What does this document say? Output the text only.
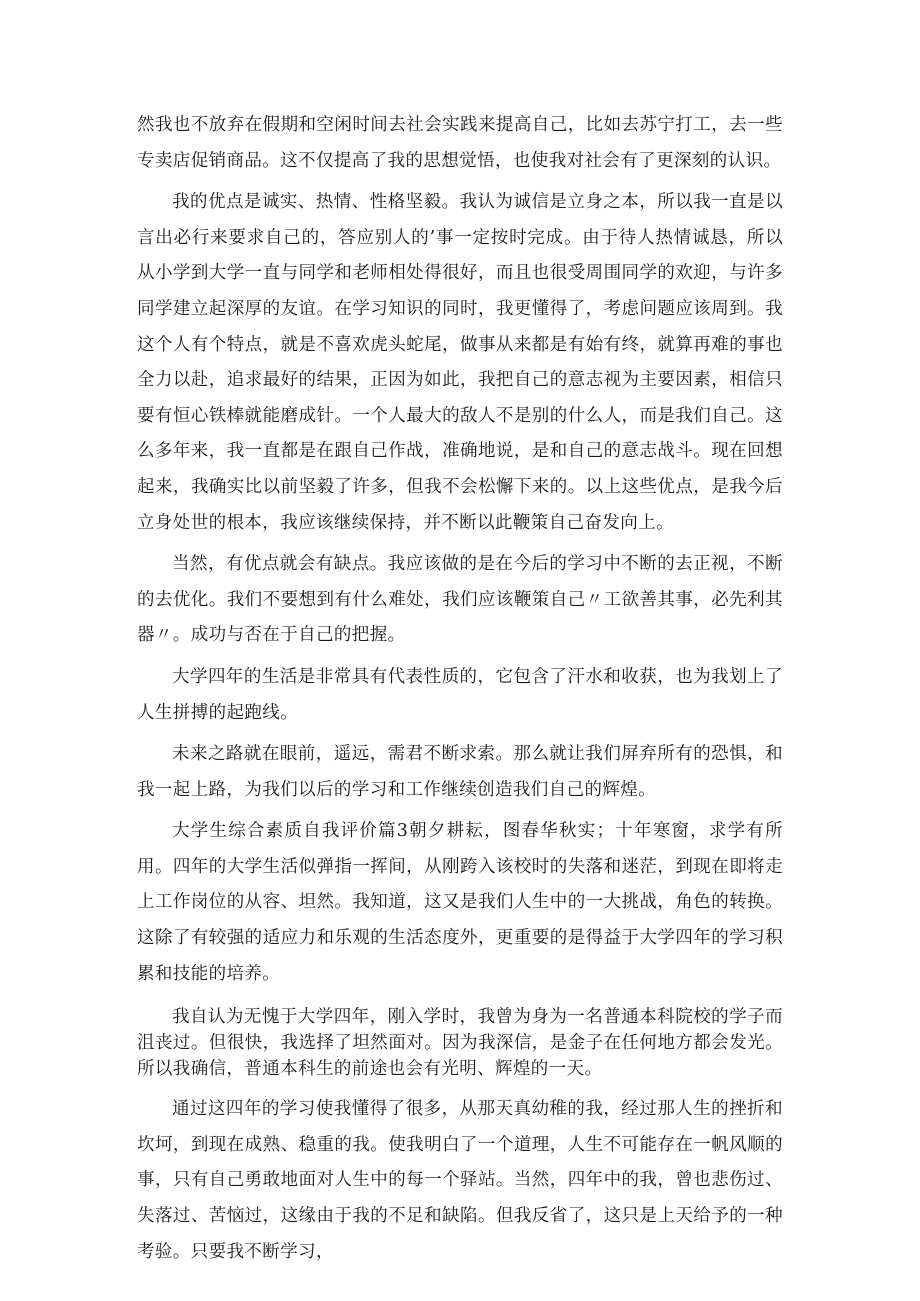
然我也不放弃在假期和空闲时间去社会实践来提高自己，比如去苏宁打工，去一些专卖店促销商品。这不仅提高了我的思想觉悟，也使我对社会有了更深刻的认识。

我的优点是诚实、热情、性格坚毅。我认为诚信是立身之本，所以我一直是以言出必行来要求自己的，答应别人的’事一定按时完成。由于待人热情诚恳，所以从小学到大学一直与同学和老师相处得很好，而且也很受周围同学的欢迎，与许多同学建立起深厚的友谊。在学习知识的同时，我更懂得了，考虑问题应该周到。我这个人有个特点，就是不喜欢虎头蛇尾，做事从来都是有始有终，就算再难的事也全力以赴，追求最好的结果，正因为如此，我把自己的意志视为主要因素，相信只要有恒心铁棒就能磨成针。一个人最大的敌人不是别的什么人，而是我们自己。这么多年来，我一直都是在跟自己作战，准确地说，是和自己的意志战斗。现在回想起来，我确实比以前坚毅了许多，但我不会松懈下来的。以上这些优点，是我今后立身处世的根本，我应该继续保持，并不断以此鞭策自己奋发向上。

当然，有优点就会有缺点。我应该做的是在今后的学习中不断的去正视，不断的去优化。我们不要想到有什么难处，我们应该鞭策自己〃工欲善其事，必先利其器〃。成功与否在于自己的把握。

大学四年的生活是非常具有代表性质的，它包含了汗水和收获，也为我划上了人生拼搏的起跑线。

未来之路就在眼前，遥远，需君不断求索。那么就让我们屏弃所有的恐惧，和我一起上路，为我们以后的学习和工作继续创造我们自己的辉煌。

大学生综合素质自我评价篇3朝夕耕耘，图春华秋实；十年寒窗，求学有所用。四年的大学生活似弹指一挥间，从刚跨入该校时的失落和迷茫，到现在即将走上工作岗位的从容、坦然。我知道，这又是我们人生中的一大挑战，角色的转换。这除了有较强的适应力和乐观的生活态度外，更重要的是得益于大学四年的学习积累和技能的培养。

我自认为无愧于大学四年，刚入学时，我曾为身为一名普通本科院校的学子而沮丧过。但很快，我选择了坦然面对。因为我深信，是金子在任何地方都会发光。所以我确信，普通本科生的前途也会有光明、辉煌的一天。

通过这四年的学习使我懂得了很多，从那天真幼稚的我，经过那人生的挫折和坎坷，到现在成熟、稳重的我。使我明白了一个道理，人生不可能存在一帆风顺的事，只有自己勇敢地面对人生中的每一个驿站。当然，四年中的我，曾也悲伤过、失落过、苦恼过，这缘由于我的不足和缺陷。但我反省了，这只是上天给予的一种考验。只要我不断学习，
